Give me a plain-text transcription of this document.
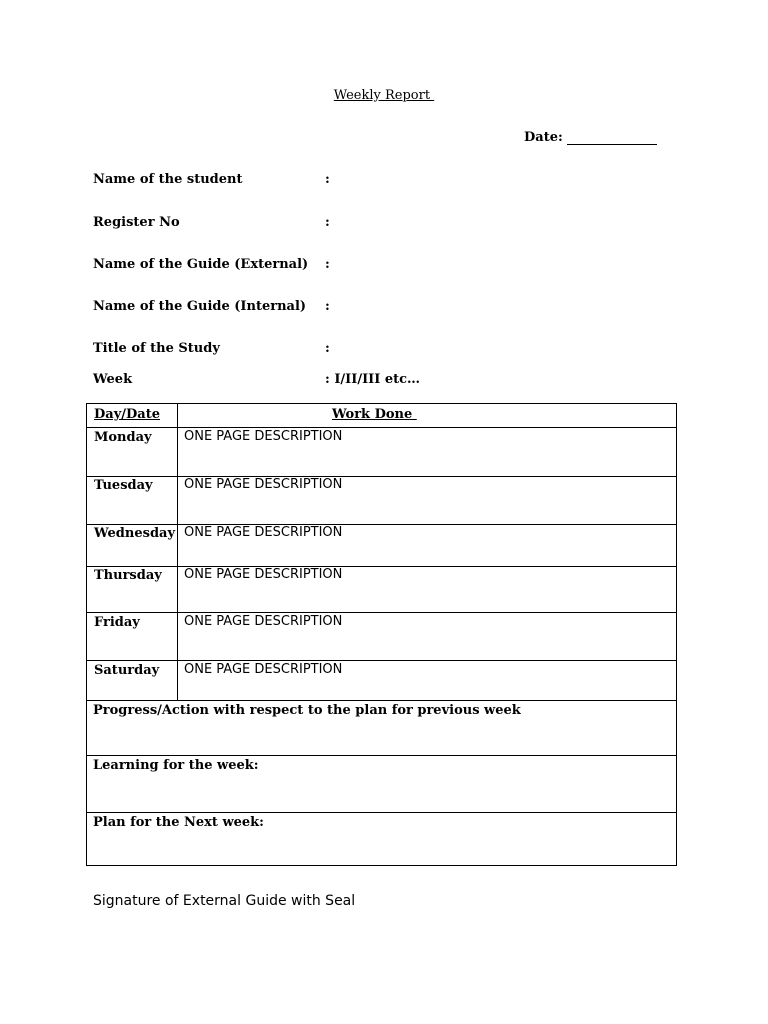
Weekly Report
Date:
Name of the student	:
Register No	:
Name of the Guide (External) :
Name of the Guide (Internal) :
Title of the Study	:
Week	: I/II/III etc…
Day/Date	Work Done
Monday ONE PAGE DESCRIPTION
Tuesday ONE PAGE DESCRIPTION
Wednesday ONE PAGE DESCRIPTION
Thursday ONE PAGE DESCRIPTION
Friday	ONE PAGE DESCRIPTION
Saturday ONE PAGE DESCRIPTION
Progress/Action with respect to the plan for previous week
Learning for the week:
Plan for the Next week:
Signature of External Guide with Seal
